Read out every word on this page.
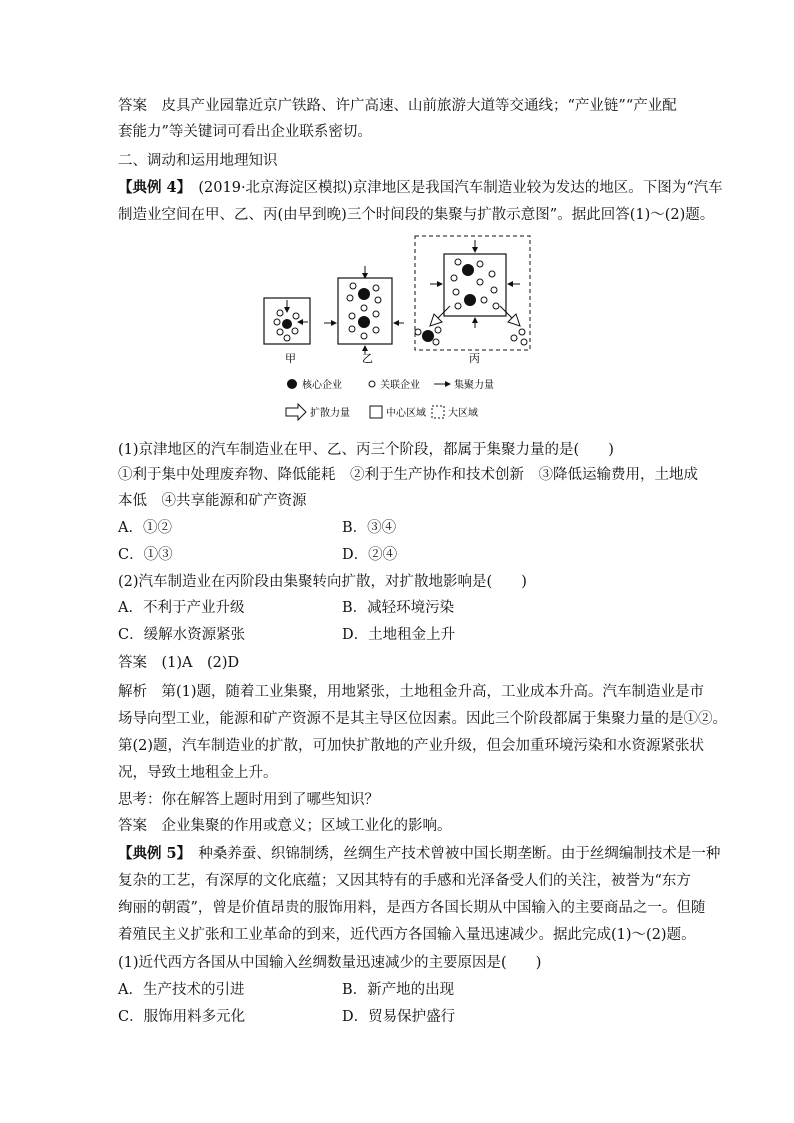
答案　皮具产业园靠近京广铁路、许广高速、山前旅游大道等交通线；“产业链”“产业配
套能力”等关键词可看出企业联系密切。
二、调动和运用地理知识
【典例 4】　(2019·北京海淀区模拟)京津地区是我国汽车制造业较为发达的地区。下图为“汽车
制造业空间在甲、乙、丙(由早到晚)三个时间段的集聚与扩散示意图”。据此回答(1)～(2)题。
甲	乙	丙
核心企业	关联企业	集聚力量
扩散力量	中心区域 大区域
(1)京津地区的汽车制造业在甲、乙、丙三个阶段，都属于集聚力量的是(　　)
①利于集中处理废弃物、降低能耗　②利于生产协作和技术创新　③降低运输费用，土地成
本低　④共享能源和矿产资源
A．①②	B．③④
C．①③	D．②④
(2)汽车制造业在丙阶段由集聚转向扩散，对扩散地影响是(　　)
A．不利于产业升级	B．减轻环境污染
C．缓解水资源紧张	D．土地租金上升
答案　(1)A　(2)D
解析　第(1)题，随着工业集聚，用地紧张，土地租金升高，工业成本升高。汽车制造业是市
场导向型工业，能源和矿产资源不是其主导区位因素。因此三个阶段都属于集聚力量的是①②。
第(2)题，汽车制造业的扩散，可加快扩散地的产业升级，但会加重环境污染和水资源紧张状
况，导致土地租金上升。
思考：你在解答上题时用到了哪些知识？
答案　企业集聚的作用或意义；区域工业化的影响。
【典例 5】　种桑养蚕、织锦制绣，丝绸生产技术曾被中国长期垄断。由于丝绸编制技术是一种
复杂的工艺，有深厚的文化底蕴；又因其特有的手感和光泽备受人们的关注，被誉为“东方
绚丽的朝霞”，曾是价值昂贵的服饰用料，是西方各国长期从中国输入的主要商品之一。但随
着殖民主义扩张和工业革命的到来，近代西方各国输入量迅速减少。据此完成(1)～(2)题。
(1)近代西方各国从中国输入丝绸数量迅速减少的主要原因是(　　)
A．生产技术的引进	B．新产地的出现
C．服饰用料多元化	D．贸易保护盛行
